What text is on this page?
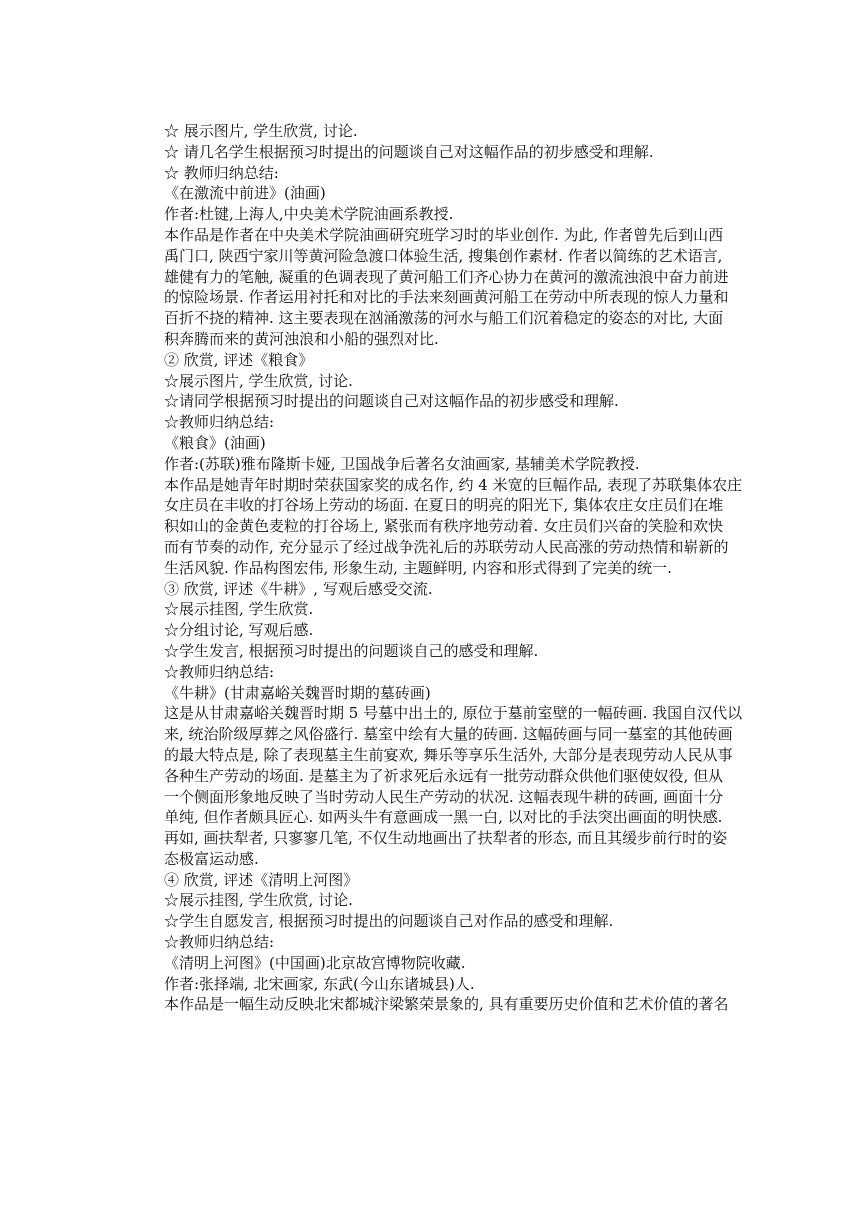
☆ 展示图片, 学生欣赏, 讨论.
☆ 请几名学生根据预习时提出的问题谈自己对这幅作品的初步感受和理解.
☆ 教师归纳总结:
《在激流中前进》(油画)
作者:杜键,上海人,中央美术学院油画系教授.
本作品是作者在中央美术学院油画研究班学习时的毕业创作. 为此, 作者曾先后到山西
禹门口, 陕西宁家川等黄河险急渡口体验生活, 搜集创作素材. 作者以简练的艺术语言,
雄健有力的笔触, 凝重的色调表现了黄河船工们齐心协力在黄河的激流浊浪中奋力前进
的惊险场景. 作者运用衬托和对比的手法来刻画黄河船工在劳动中所表现的惊人力量和
百折不挠的精神. 这主要表现在汹涌激荡的河水与船工们沉着稳定的姿态的对比, 大面
积奔腾而来的黄河浊浪和小船的强烈对比.
② 欣赏, 评述《粮食》
☆展示图片, 学生欣赏, 讨论.
☆请同学根据预习时提出的问题谈自己对这幅作品的初步感受和理解.
☆教师归纳总结:
《粮食》(油画)
作者:(苏联)雅布隆斯卡娅, 卫国战争后著名女油画家, 基辅美术学院教授.
本作品是她青年时期时荣获国家奖的成名作, 约 4 米宽的巨幅作品, 表现了苏联集体农庄
女庄员在丰收的打谷场上劳动的场面. 在夏日的明亮的阳光下, 集体农庄女庄员们在堆
积如山的金黄色麦粒的打谷场上, 紧张而有秩序地劳动着. 女庄员们兴奋的笑脸和欢快
而有节奏的动作, 充分显示了经过战争洗礼后的苏联劳动人民高涨的劳动热情和崭新的
生活风貌. 作品构图宏伟, 形象生动, 主题鲜明, 内容和形式得到了完美的统一.
③ 欣赏, 评述《牛耕》, 写观后感受交流.
☆展示挂图, 学生欣赏.
☆分组讨论, 写观后感.
☆学生发言, 根据预习时提出的问题谈自己的感受和理解.
☆教师归纳总结:
《牛耕》(甘肃嘉峪关魏晋时期的墓砖画)
这是从甘肃嘉峪关魏晋时期 5 号墓中出土的, 原位于墓前室壁的一幅砖画. 我国自汉代以
来, 统治阶级厚葬之风俗盛行. 墓室中绘有大量的砖画. 这幅砖画与同一墓室的其他砖画
的最大特点是, 除了表现墓主生前宴欢, 舞乐等享乐生活外, 大部分是表现劳动人民从事
各种生产劳动的场面. 是墓主为了祈求死后永远有一批劳动群众供他们驱使奴役, 但从
一个侧面形象地反映了当时劳动人民生产劳动的状况. 这幅表现牛耕的砖画, 画面十分
单纯, 但作者颇具匠心. 如两头牛有意画成一黑一白, 以对比的手法突出画面的明快感.
再如, 画扶犁者, 只寥寥几笔, 不仅生动地画出了扶犁者的形态, 而且其缓步前行时的姿
态极富运动感.
④ 欣赏, 评述《清明上河图》
☆展示挂图, 学生欣赏, 讨论.
☆学生自愿发言, 根据预习时提出的问题谈自己对作品的感受和理解.
☆教师归纳总结:
《清明上河图》(中国画)北京故宫博物院收藏.
作者:张择端, 北宋画家, 东武(今山东诸城县)人.
本作品是一幅生动反映北宋都城汴梁繁荣景象的, 具有重要历史价值和艺术价值的著名
